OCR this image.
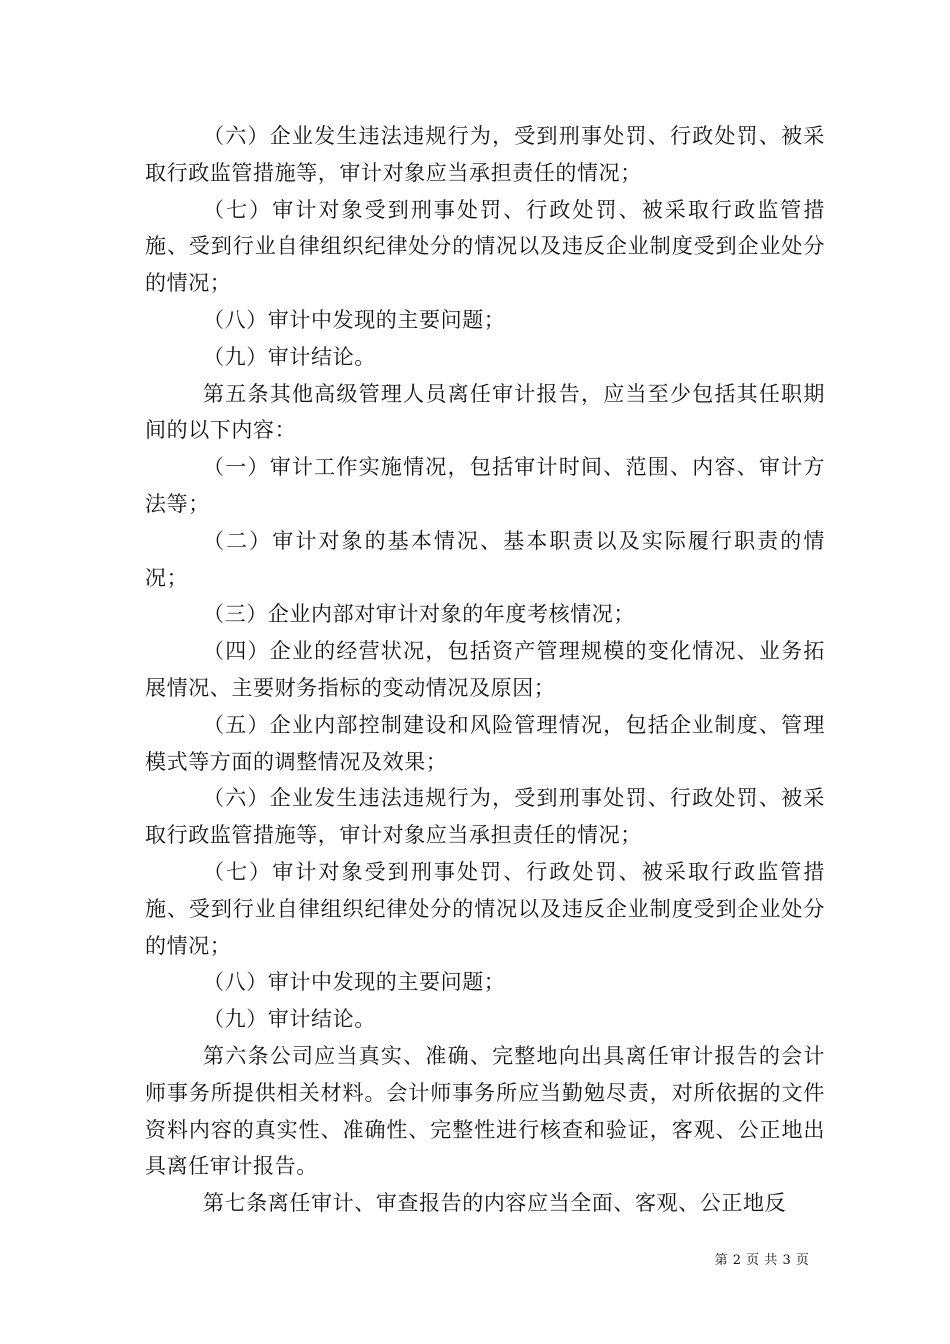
（六）企业发生违法违规行为，受到刑事处罚、行政处罚、被采取行政监管措施等，审计对象应当承担责任的情况；

（七）审计对象受到刑事处罚、行政处罚、被采取行政监管措施、受到行业自律组织纪律处分的情况以及违反企业制度受到企业处分的情况；

（八）审计中发现的主要问题；

（九）审计结论。

第五条其他高级管理人员离任审计报告，应当至少包括其任职期间的以下内容：

（一）审计工作实施情况，包括审计时间、范围、内容、审计方法等；

（二）审计对象的基本情况、基本职责以及实际履行职责的情况；

（三）企业内部对审计对象的年度考核情况；

（四）企业的经营状况，包括资产管理规模的变化情况、业务拓展情况、主要财务指标的变动情况及原因；

（五）企业内部控制建设和风险管理情况，包括企业制度、管理模式等方面的调整情况及效果；

（六）企业发生违法违规行为，受到刑事处罚、行政处罚、被采取行政监管措施等，审计对象应当承担责任的情况；

（七）审计对象受到刑事处罚、行政处罚、被采取行政监管措施、受到行业自律组织纪律处分的情况以及违反企业制度受到企业处分的情况；

（八）审计中发现的主要问题；

（九）审计结论。

第六条公司应当真实、准确、完整地向出具离任审计报告的会计师事务所提供相关材料。会计师事务所应当勤勉尽责，对所依据的文件资料内容的真实性、准确性、完整性进行核查和验证，客观、公正地出具离任审计报告。

第七条离任审计、审查报告的内容应当全面、客观、公正地反

第 2 页 共 3 页
